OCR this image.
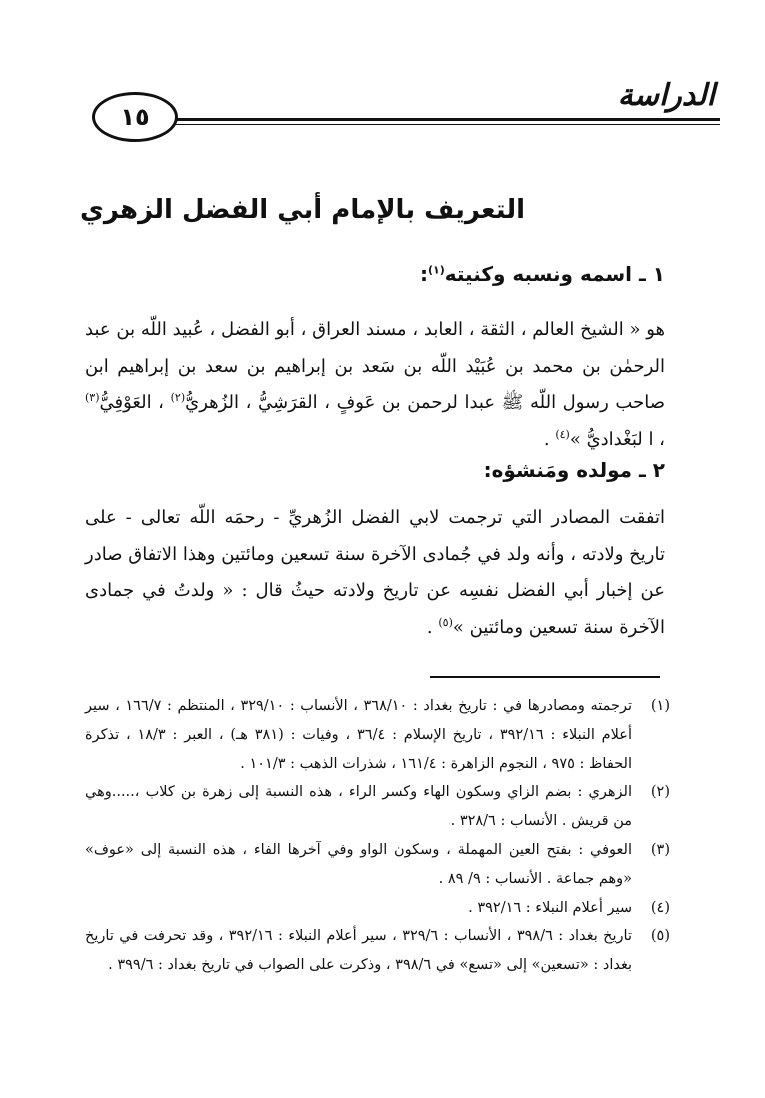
١٥
الدراسة
التعريف بالإمام أبي الفضل الزهري
١ ـ اسمه ونسبه وكنيته$^{(١)}$:
هو « الشيخ العالم ، الثقة ، العابد ، مسند العراق ، أبو الفضل ، عُبيد اللّه بن عبد الرحمٰن بن محمد بن عُبَيْد اللّه بن سَعد بن إبراهيم بن سعد بن إبراهيم ابن صاحب رسول اللّه ﷺ عبدا لرحمن بن عَوفٍ ، القرَشِيُّ ، الزُهريُّ$^{(٢)}$ ، العَوْفِيُّ$^{(٣)}$ ، ا لبَغْداديُّ »$^{(٤)}$ .
٢ ـ مولده ومَنشؤه:
اتفقت المصادر التي ترجمت لابي الفضل الزُهريِّ - رحمَه اللّه تعالى - على تاريخ ولادته ، وأنه ولد في جُمادى الآخرة سنة تسعين ومائتين وهذا الاتفاق صادر عن إخبار أبي الفضل نفسِه عن تاريخ ولادته حيثُ قال : « ولدتُ في جمادى الآخرة سنة تسعين ومائتين »$^{(٥)}$ .
(١)
ترجمته ومصادرها في : تاريخ بغداد : ٣٦٨/١٠ ، الأنساب : ٣٢٩/١٠ ، المنتظم : ١٦٦/٧ ، سير أعلام النبلاء : ٣٩٢/١٦ ، تاريخ الإسلام : ٣٦/٤ ، وفيات : (٣٨١ هـ) ، العبر : ١٨/٣ ، تذكرة الحفاظ : ٩٧٥ ، النجوم الزاهرة : ١٦١/٤ ، شذرات الذهب : ١٠١/٣ .
(٢)
الزهري : بضم الزاي وسكون الهاء وكسر الراء ، هذه النسبة إلى زهرة بن كلاب ،.....وهي من قريش . الأنساب : ٣٢٨/٦ .
(٣)
العوفي : بفتح العين المهملة ، وسكون الواو وفي آخرها الفاء ، هذه النسبة إلى «عوف» «وهم جماعة . الأنساب : ٩/ ٨٩ .
(٤)
سير أعلام النبلاء : ٣٩٢/١٦ .
(٥)
تاريخ بغداد : ٣٩٨/٦ ، الأنساب : ٣٢٩/٦ ، سير أعلام النبلاء : ٣٩٢/١٦ ، وقد تحرفت في تاريخ بغداد : «تسعين» إلى «تسع» في ٣٩٨/٦ ، وذكرت على الصواب في تاريخ بغداد : ٣٩٩/٦ .
